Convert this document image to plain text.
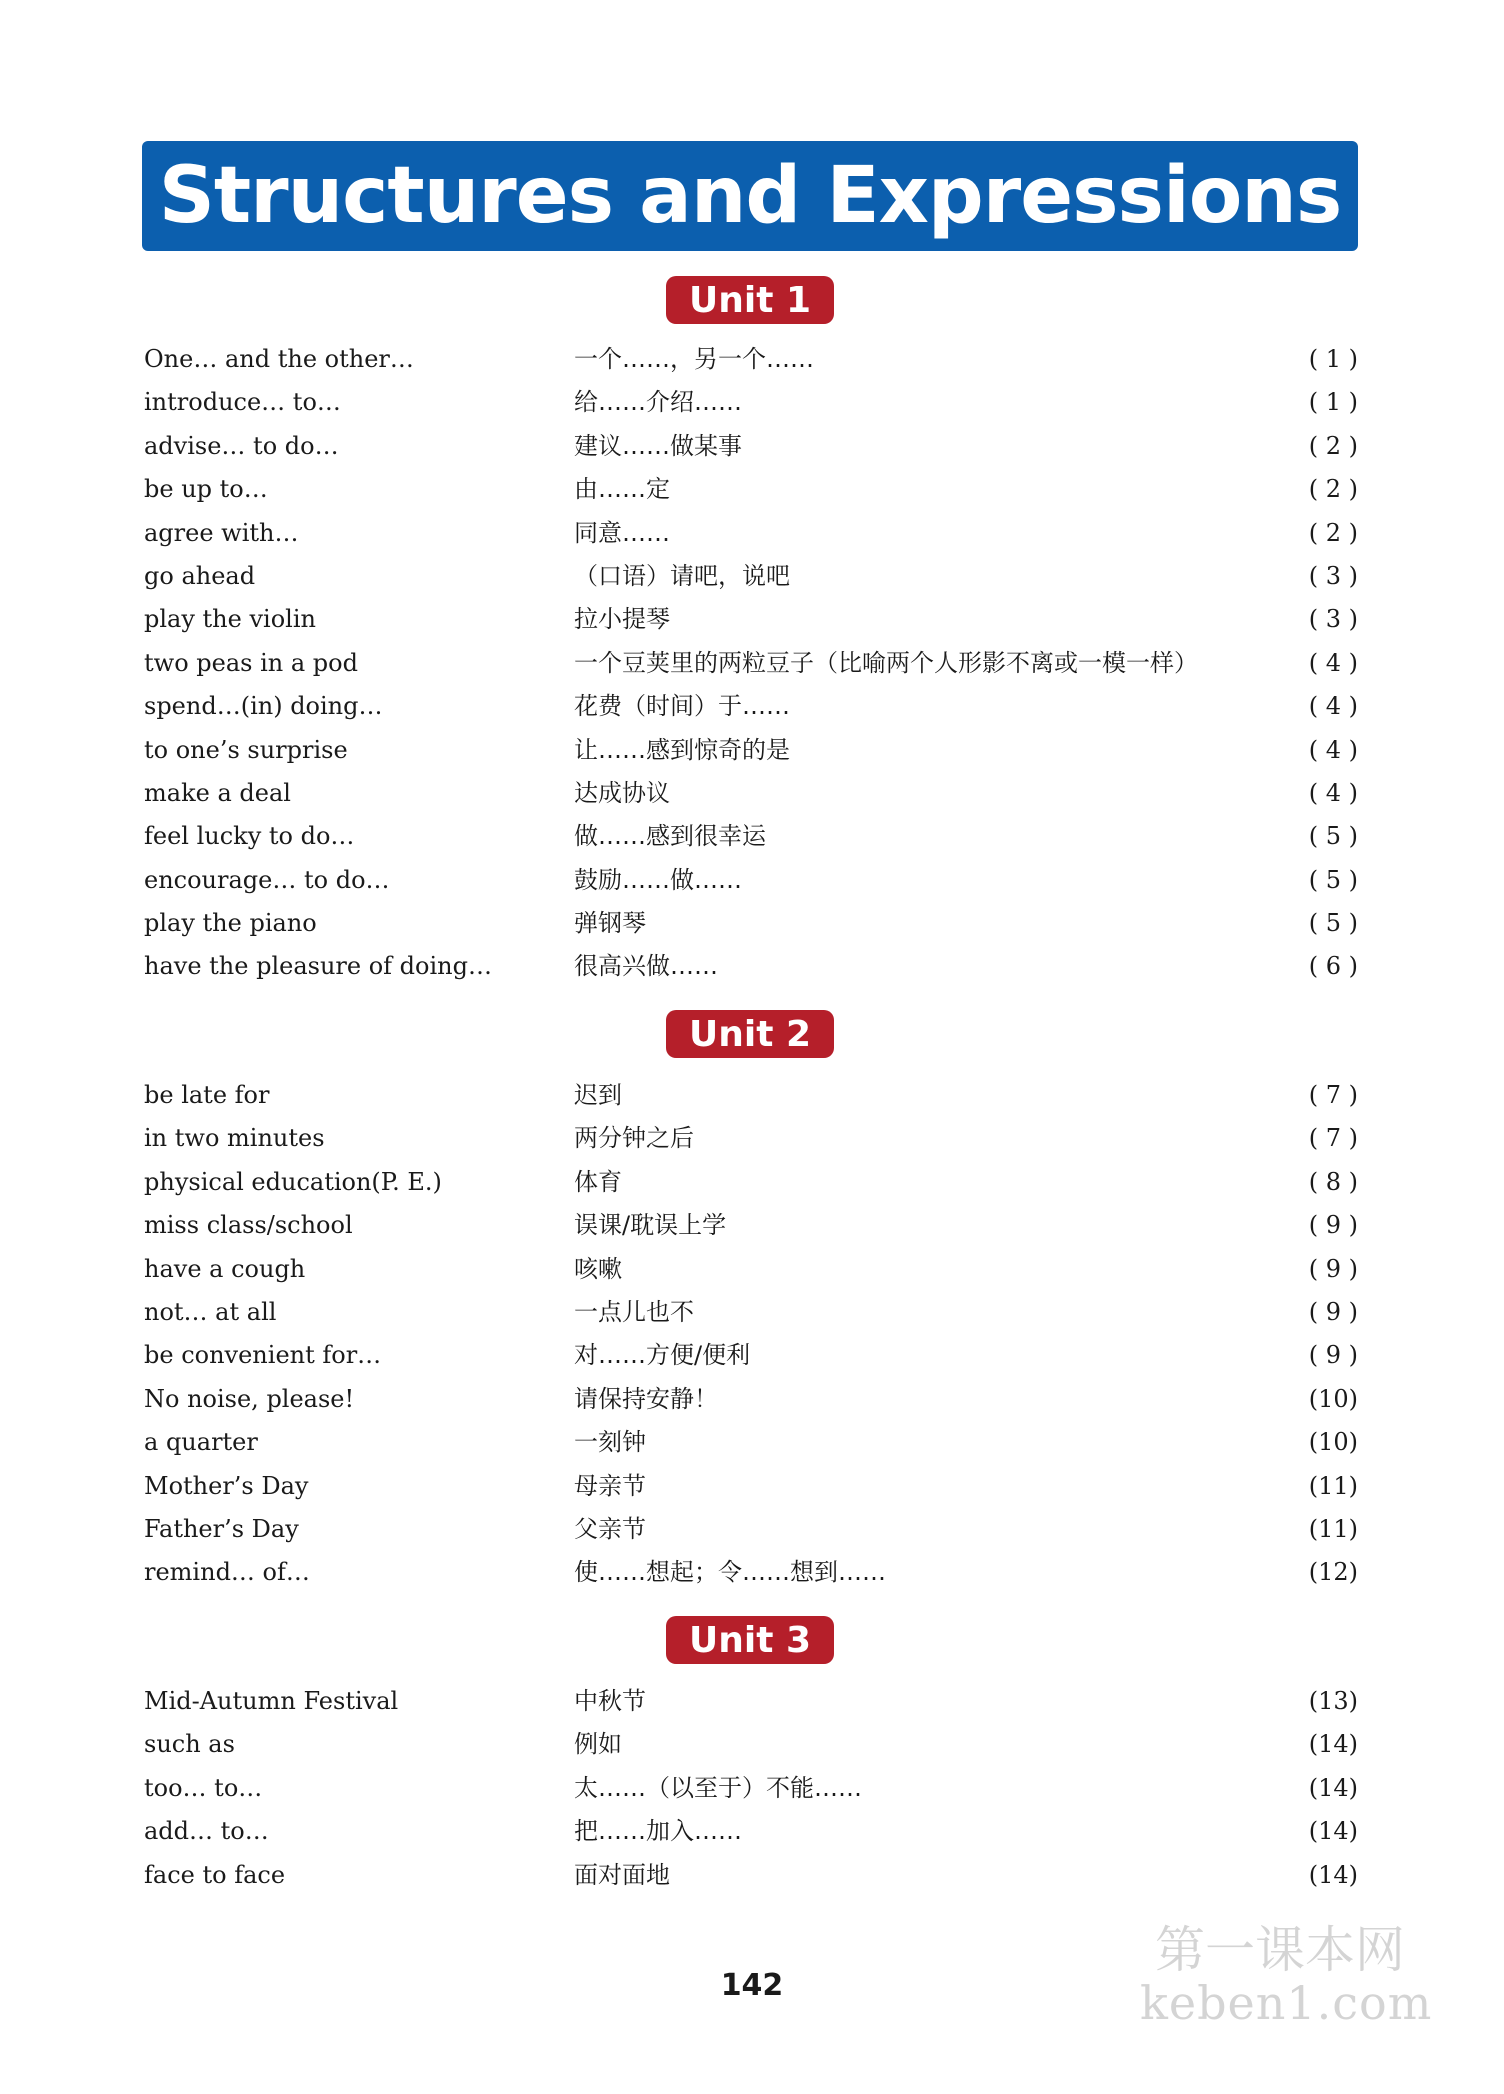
Structures and Expressions
Unit 1
One… and the other…	一个……，另一个……	( 1 )
introduce… to…	给……介绍……	( 1 )
advise… to do…	建议……做某事	( 2 )
be up to…	由……定	( 2 )
agree with…	同意……	( 2 )
go ahead	（口语）请吧，说吧	( 3 )
play the violin	拉小提琴	( 3 )
two peas in a pod	一个豆荚里的两粒豆子（比喻两个人形影不离或一模一样）	( 4 )
spend…(in) doing…	花费（时间）于……	( 4 )
to one’s surprise	让……感到惊奇的是	( 4 )
make a deal	达成协议	( 4 )
feel lucky to do…	做……感到很幸运	( 5 )
encourage… to do…	鼓励……做……	( 5 )
play the piano	弹钢琴	( 5 )
have the pleasure of doing…	很高兴做……	( 6 )
Unit 2
be late for	迟到	( 7 )
in two minutes	两分钟之后	( 7 )
physical education(P. E.)	体育	( 8 )
miss class/school	误课/耽误上学	( 9 )
have a cough	咳嗽	( 9 )
not… at all	一点儿也不	( 9 )
be convenient for…	对……方便/便利	( 9 )
No noise, please!	请保持安静！	(10)
a quarter	一刻钟	(10)
Mother’s Day	母亲节	(11)
Father’s Day	父亲节	(11)
remind… of…	使……想起；令……想到……	(12)
Unit 3
Mid-Autumn Festival	中秋节	(13)
such as	例如	(14)
too… to…	太……（以至于）不能……	(14)
add… to…	把……加入……	(14)
face to face	面对面地	(14)
142
第一课本网
keben1.com
